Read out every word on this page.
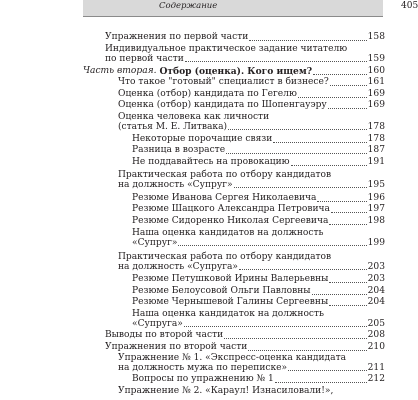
Содержание	405
Упражнения по первой части	158
Индивидуальное практическое задание читателю
по первой части	159
Часть вторая.
Отбор (оценка). Кого ищем?	160
Что такое "готовый" специалист в бизнесе?	161
Оценка (отбор) кандидата по Гегелю	169
Оценка (отбор) кандидата по Шопенгауэру	169
Оценка человека как личности
(статья М. Е. Литвака)	178
Некоторые порочащие связи	178
Разница в возрасте	187
Не поддавайтесь на провокацию	191
Практическая работа по отбору кандидатов
на должность «Супруг»	195
Резюме Иванова Сергея Николаевича	196
Резюме Шацкого Александра Петровича	197
Резюме Сидоренко Николая Сергеевича	198
Наша оценка кандидатов на должность
«Супруг»	199
Практическая работа по отбору кандидатов
на должность «Супруга»	203
Резюме Петушковой Ирины Валерьевны	203
Резюме Белоусовой Ольги Павловны	204
Резюме Чернышевой Галины Сергеевны	204
Наша оценка кандидаток на должность
«Супруга»	205
Выводы по второй части	208
Упражнения по второй части	210
Упражнение № 1. «Экспресс-оценка кандидата
на должность мужа по переписке»	211
Вопросы по упражнению № 1	212
Упражнение № 2. «Караул! Изнасиловали!»,
